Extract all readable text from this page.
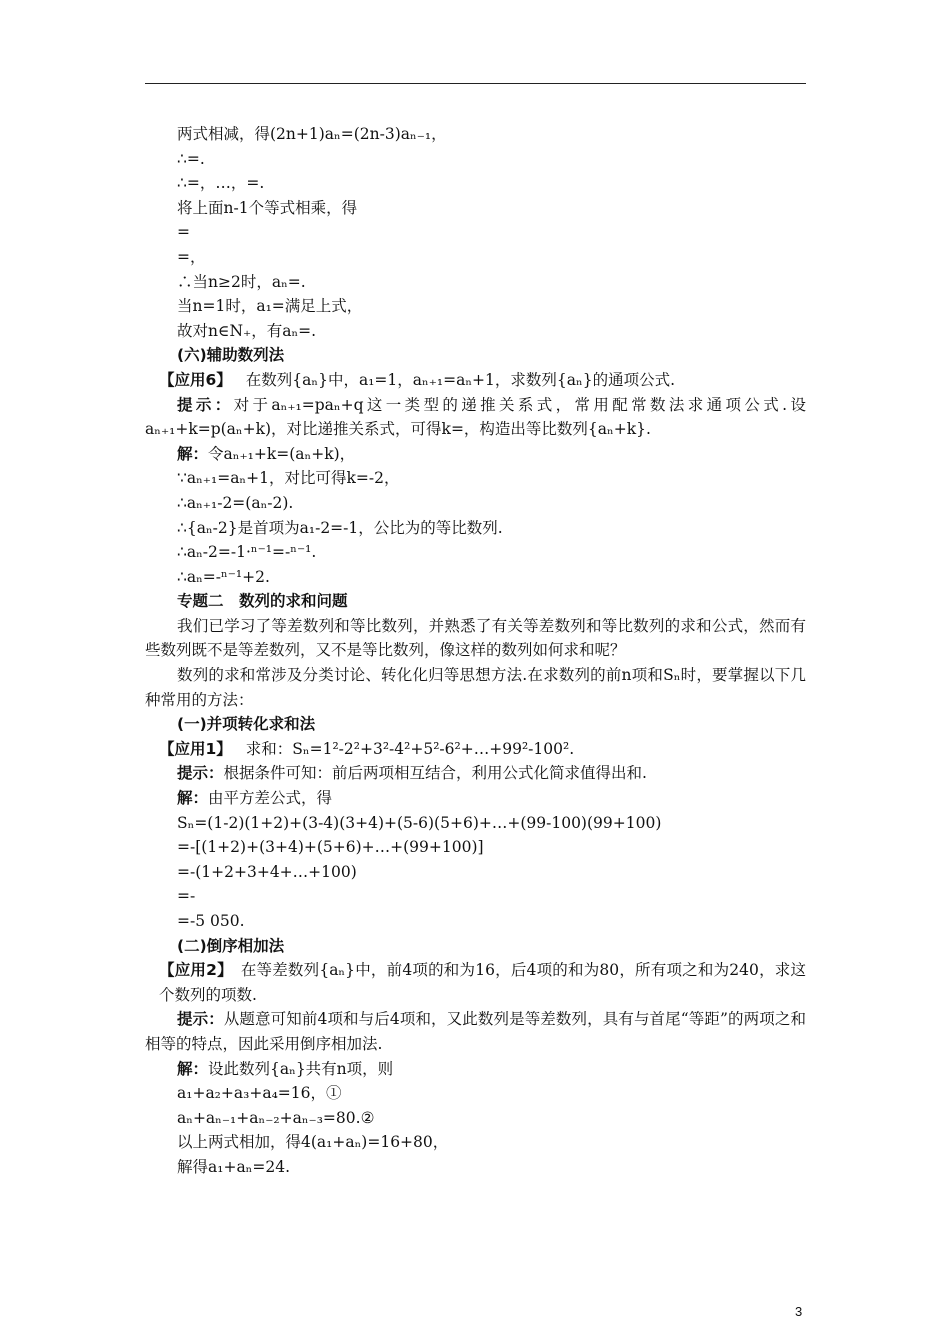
两式相减，得(2n+1)aₙ=(2n-3)aₙ₋₁，
∴=.
∴=，…，=.
将上面n-1个等式相乘，得
=
=，
∴当n≥2时，aₙ=.
当n=1时，a₁=满足上式，
故对n∈N₊，有aₙ=.
(六)辅助数列法
【应用6】 在数列{aₙ}中，a₁=1，aₙ₊₁=aₙ+1，求数列{aₙ}的通项公式.
提示：对于aₙ₊₁=paₙ+q这一类型的递推关系式，常用配常数法求通项公式.设aₙ₊₁+k=p(aₙ+k)，对比递推关系式，可得k=，构造出等比数列{aₙ+k}.
解：令aₙ₊₁+k=(aₙ+k)，
∵aₙ₊₁=aₙ+1，对比可得k=-2，
∴aₙ₊₁-2=(aₙ-2).
∴{aₙ-2}是首项为a₁-2=-1，公比为的等比数列.
∴aₙ-2=-1·ⁿ⁻¹=-ⁿ⁻¹.
∴aₙ=-ⁿ⁻¹+2.
专题二　数列的求和问题
我们已学习了等差数列和等比数列，并熟悉了有关等差数列和等比数列的求和公式，然而有些数列既不是等差数列，又不是等比数列，像这样的数列如何求和呢？
数列的求和常涉及分类讨论、转化化归等思想方法.在求数列的前n项和Sₙ时，要掌握以下几种常用的方法：
(一)并项转化求和法
【应用1】 求和：Sₙ=1²-2²+3²-4²+5²-6²+…+99²-100².
提示：根据条件可知：前后两项相互结合，利用公式化简求值得出和.
解：由平方差公式，得
Sₙ=(1-2)(1+2)+(3-4)(3+4)+(5-6)(5+6)+…+(99-100)(99+100)
=-[(1+2)+(3+4)+(5+6)+…+(99+100)]
=-(1+2+3+4+…+100)
=-
=-5 050.
(二)倒序相加法
【应用2】 在等差数列{aₙ}中，前4项的和为16，后4项的和为80，所有项之和为240，求这个数列的项数.
提示：从题意可知前4项和与后4项和，又此数列是等差数列，具有与首尾“等距”的两项之和相等的特点，因此采用倒序相加法.
解：设此数列{aₙ}共有n项，则
a₁+a₂+a₃+a₄=16，①
aₙ+aₙ₋₁+aₙ₋₂+aₙ₋₃=80.②
以上两式相加，得4(a₁+aₙ)=16+80，
解得a₁+aₙ=24.
3
